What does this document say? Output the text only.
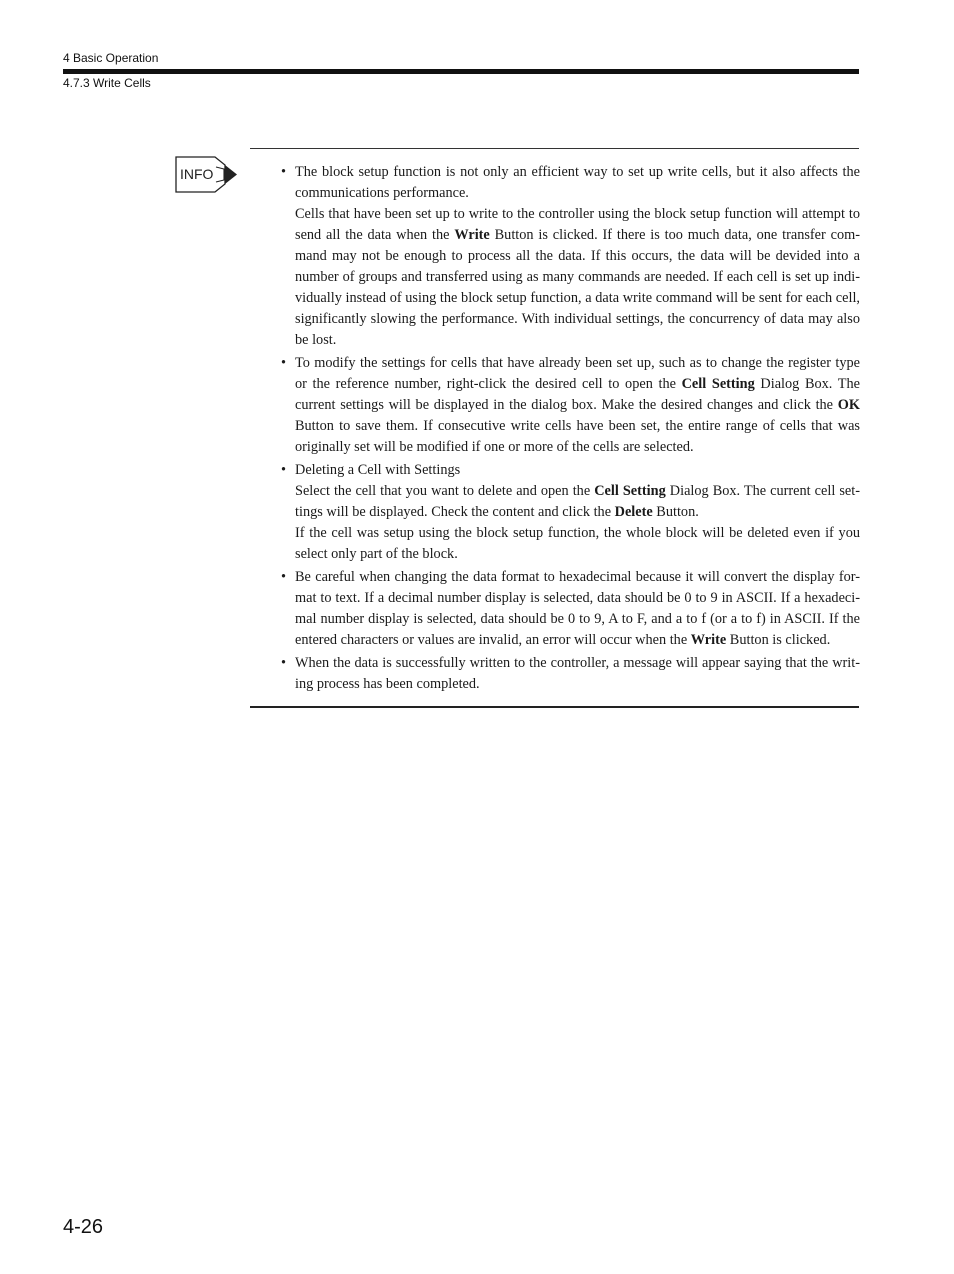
4 Basic Operation
4.7.3 Write Cells
INFO

•	The block setup function is not only an efficient way to set up write cells, but it also affects the communications performance.

Cells that have been set up to write to the controller using the block setup function will attempt to send all the data when the Write Button is clicked. If there is too much data, one transfer com-mand may not be enough to process all the data. If this occurs, the data will be devided into a number of groups and transferred using as many commands are needed. If each cell is set up indi-vidually instead of using the block setup function, a data write command will be sent for each cell, significantly slowing the performance. With individual settings, the concurrency of data may also be lost.

• To modify the settings for cells that have already been set up, such as to change the register type or the reference number, right-click the desired cell to open the Cell Setting Dialog Box. The current settings will be displayed in the dialog box. Make the desired changes and click the OK Button to save them. If consecutive write cells have been set, the entire range of cells that was originally set will be modified if one or more of the cells are selected.

• Deleting a Cell with Settings

Select the cell that you want to delete and open the Cell Setting Dialog Box. The current cell set-tings will be displayed. Check the content and click the Delete Button.

If the cell was setup using the block setup function, the whole block will be deleted even if you select only part of the block.

• Be careful when changing the data format to hexadecimal because it will convert the display for-mat to text. If a decimal number display is selected, data should be 0 to 9 in ASCII. If a hexadeci-mal number display is selected, data should be 0 to 9, A to F, and a to f (or a to f) in ASCII. If the entered characters or values are invalid, an error will occur when the Write Button is clicked.

• When the data is successfully written to the controller, a message will appear saying that the writ-ing process has been completed.

4-26
